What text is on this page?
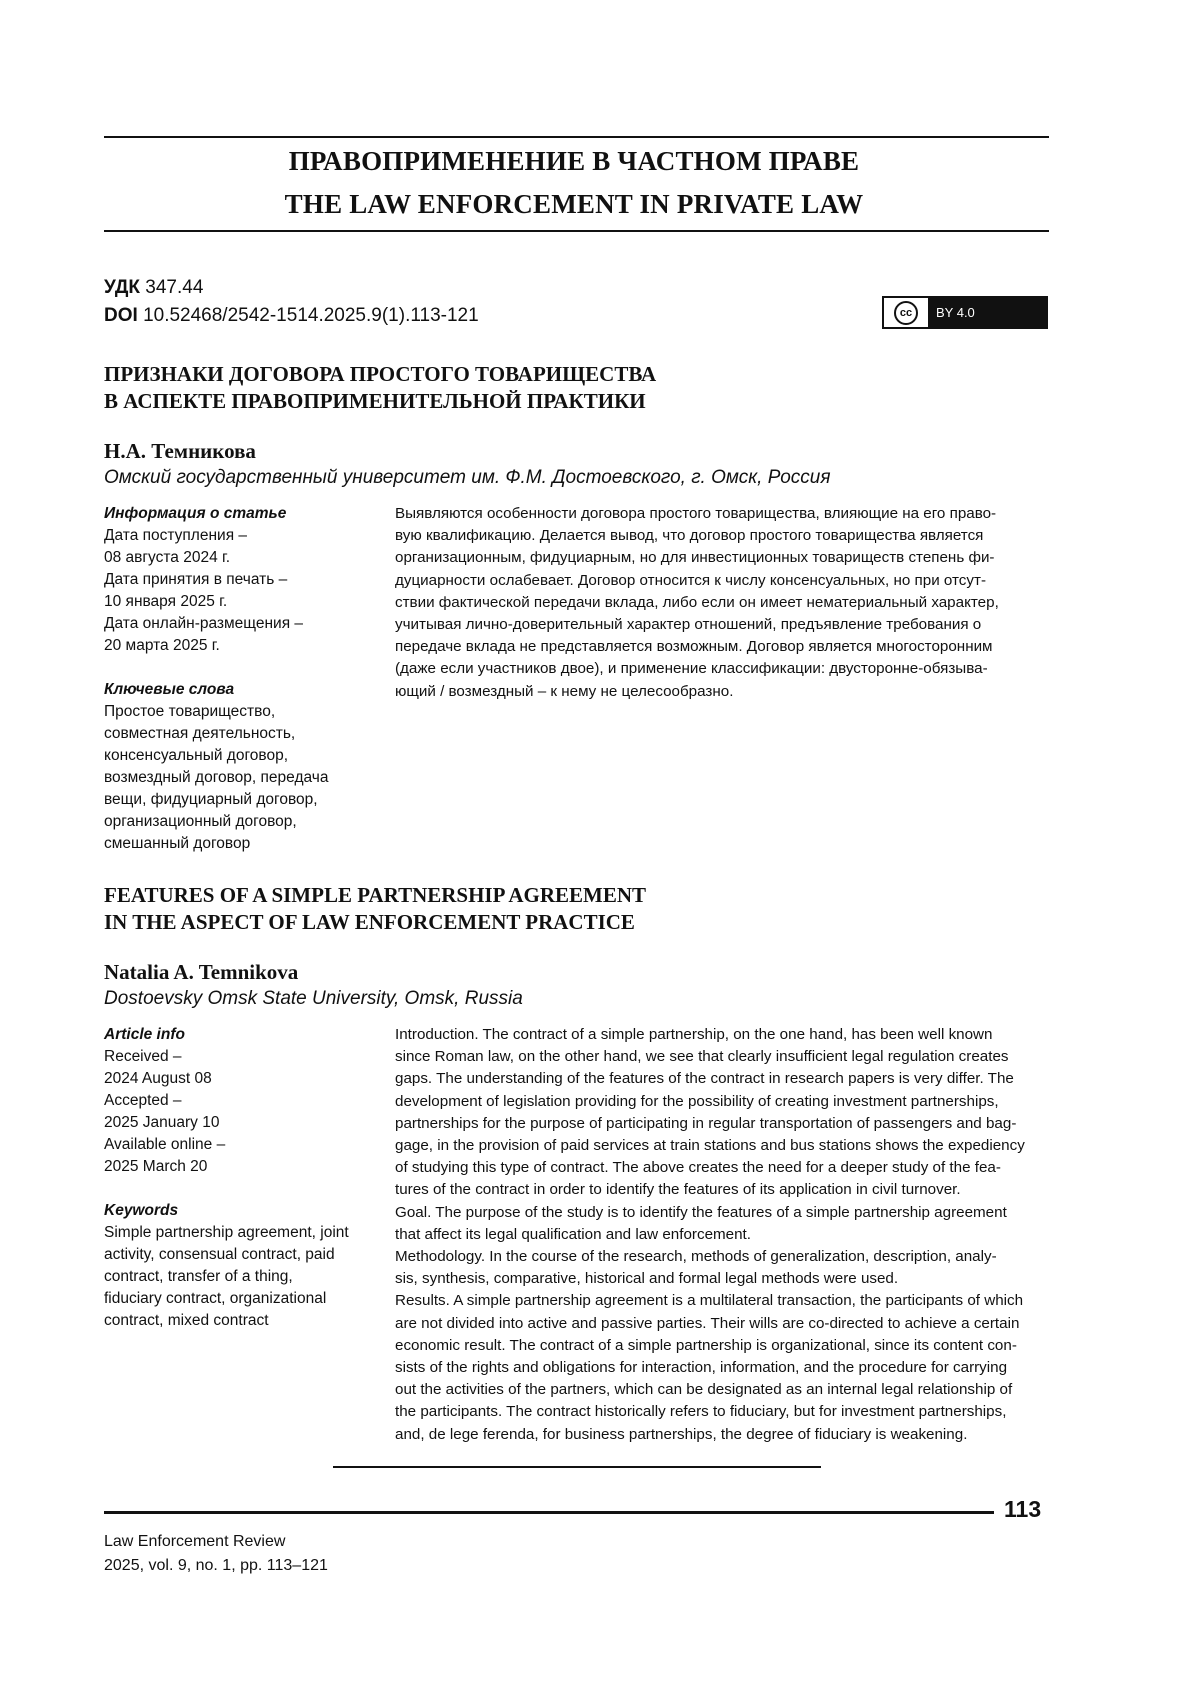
ПРАВОПРИМЕНЕНИЕ В ЧАСТНОМ ПРАВЕ
THE LAW ENFORCEMENT IN PRIVATE LAW
УДК 347.44
DOI 10.52468/2542-1514.2025.9(1).113-121	cc	BY 4.0
ПРИЗНАКИ ДОГОВОРА ПРОСТОГО ТОВАРИЩЕСТВА
В АСПЕКТЕ ПРАВОПРИМЕНИТЕЛЬНОЙ ПРАКТИКИ
Н.А. Темникова
Омский государственный университет им. Ф.М. Достоевского, г. Омск, Россия
Информация о статье
Дата поступления –
08 августа 2024 г.
Дата принятия в печать –
10 января 2025 г.
Дата онлайн-размещения –
20 марта 2025 г.
Ключевые слова
Простое товарищество,
совместная деятельность,
консенсуальный договор,
возмездный договор, передача
вещи, фидуциарный договор,
организационный договор,
смешанный договор
Выявляются особенности договора простого товарищества, влияющие на его право-
вую квалификацию. Делается вывод, что договор простого товарищества является
организационным, фидуциарным, но для инвестиционных товариществ степень фи-
дуциарности ослабевает. Договор относится к числу консенсуальных, но при отсут-
ствии фактической передачи вклада, либо если он имеет нематериальный характер,
учитывая лично-доверительный характер отношений, предъявление требования о
передаче вклада не представляется возможным. Договор является многосторонним
(даже если участников двое), и применение классификации: двусторонне-обязыва-
ющий / возмездный – к нему не целесообразно.
FEATURES OF A SIMPLE PARTNERSHIP AGREEMENT
IN THE ASPECT OF LAW ENFORCEMENT PRACTICE
Natalia A. Temnikova
Dostoevsky Omsk State University, Omsk, Russia
Article info
Received –
2024 August 08
Accepted –
2025 January 10
Available online –
2025 March 20
Keywords
Simple partnership agreement, joint
activity, consensual contract, paid
contract, transfer of a thing,
fiduciary contract, organizational
contract, mixed contract
Introduction. The contract of a simple partnership, on the one hand, has been well known
since Roman law, on the other hand, we see that clearly insufficient legal regulation creates
gaps. The understanding of the features of the contract in research papers is very differ. The
development of legislation providing for the possibility of creating investment partnerships,
partnerships for the purpose of participating in regular transportation of passengers and bag-
gage, in the provision of paid services at train stations and bus stations shows the expediency
of studying this type of contract. The above creates the need for a deeper study of the fea-
tures of the contract in order to identify the features of its application in civil turnover.
Goal. The purpose of the study is to identify the features of a simple partnership agreement
that affect its legal qualification and law enforcement.
Methodology. In the course of the research, methods of generalization, description, analy-
sis, synthesis, comparative, historical and formal legal methods were used.
Results. A simple partnership agreement is a multilateral transaction, the participants of which
are not divided into active and passive parties. Their wills are co-directed to achieve a certain
economic result. The contract of a simple partnership is organizational, since its content con-
sists of the rights and obligations for interaction, information, and the procedure for carrying
out the activities of the partners, which can be designated as an internal legal relationship of
the participants. The contract historically refers to fiduciary, but for investment partnerships,
and, de lege ferenda, for business partnerships, the degree of fiduciary is weakening.
113
Law Enforcement Review
2025, vol. 9, no. 1, pp. 113–121
